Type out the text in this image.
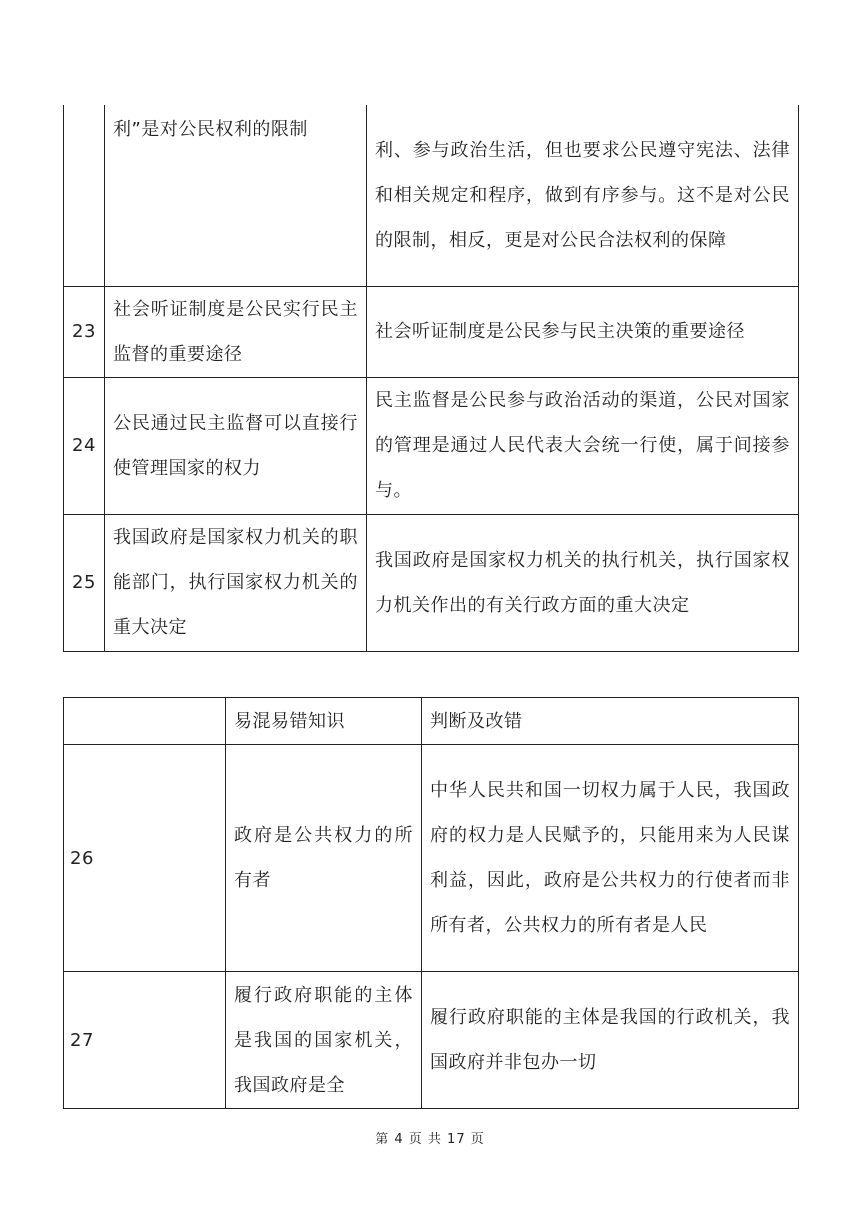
	利”是对公民权利的限制	利、参与政治生活，但也要求公民遵守宪法、法律和相关规定和程序，做到有序参与。这不是对公民的限制，相反，更是对公民合法权利的保障
23	社会听证制度是公民实行民主监督的重要途径	社会听证制度是公民参与民主决策的重要途径
24	公民通过民主监督可以直接行使管理国家的权力	民主监督是公民参与政治活动的渠道，公民对国家的管理是通过人民代表大会统一行使，属于间接参与。
25	我国政府是国家权力机关的职能部门，执行国家权力机关的重大决定	我国政府是国家权力机关的执行机关，执行国家权力机关作出的有关行政方面的重大决定
	易混易错知识	判断及改错
26	政府是公共权力的所有者	中华人民共和国一切权力属于人民，我国政府的权力是人民赋予的，只能用来为人民谋利益，因此，政府是公共权力的行使者而非所有者，公共权力的所有者是人民
27	履行政府职能的主体是我国的国家机关，我国政府是全	履行政府职能的主体是我国的行政机关，我国政府并非包办一切
第 4 页 共 17 页
